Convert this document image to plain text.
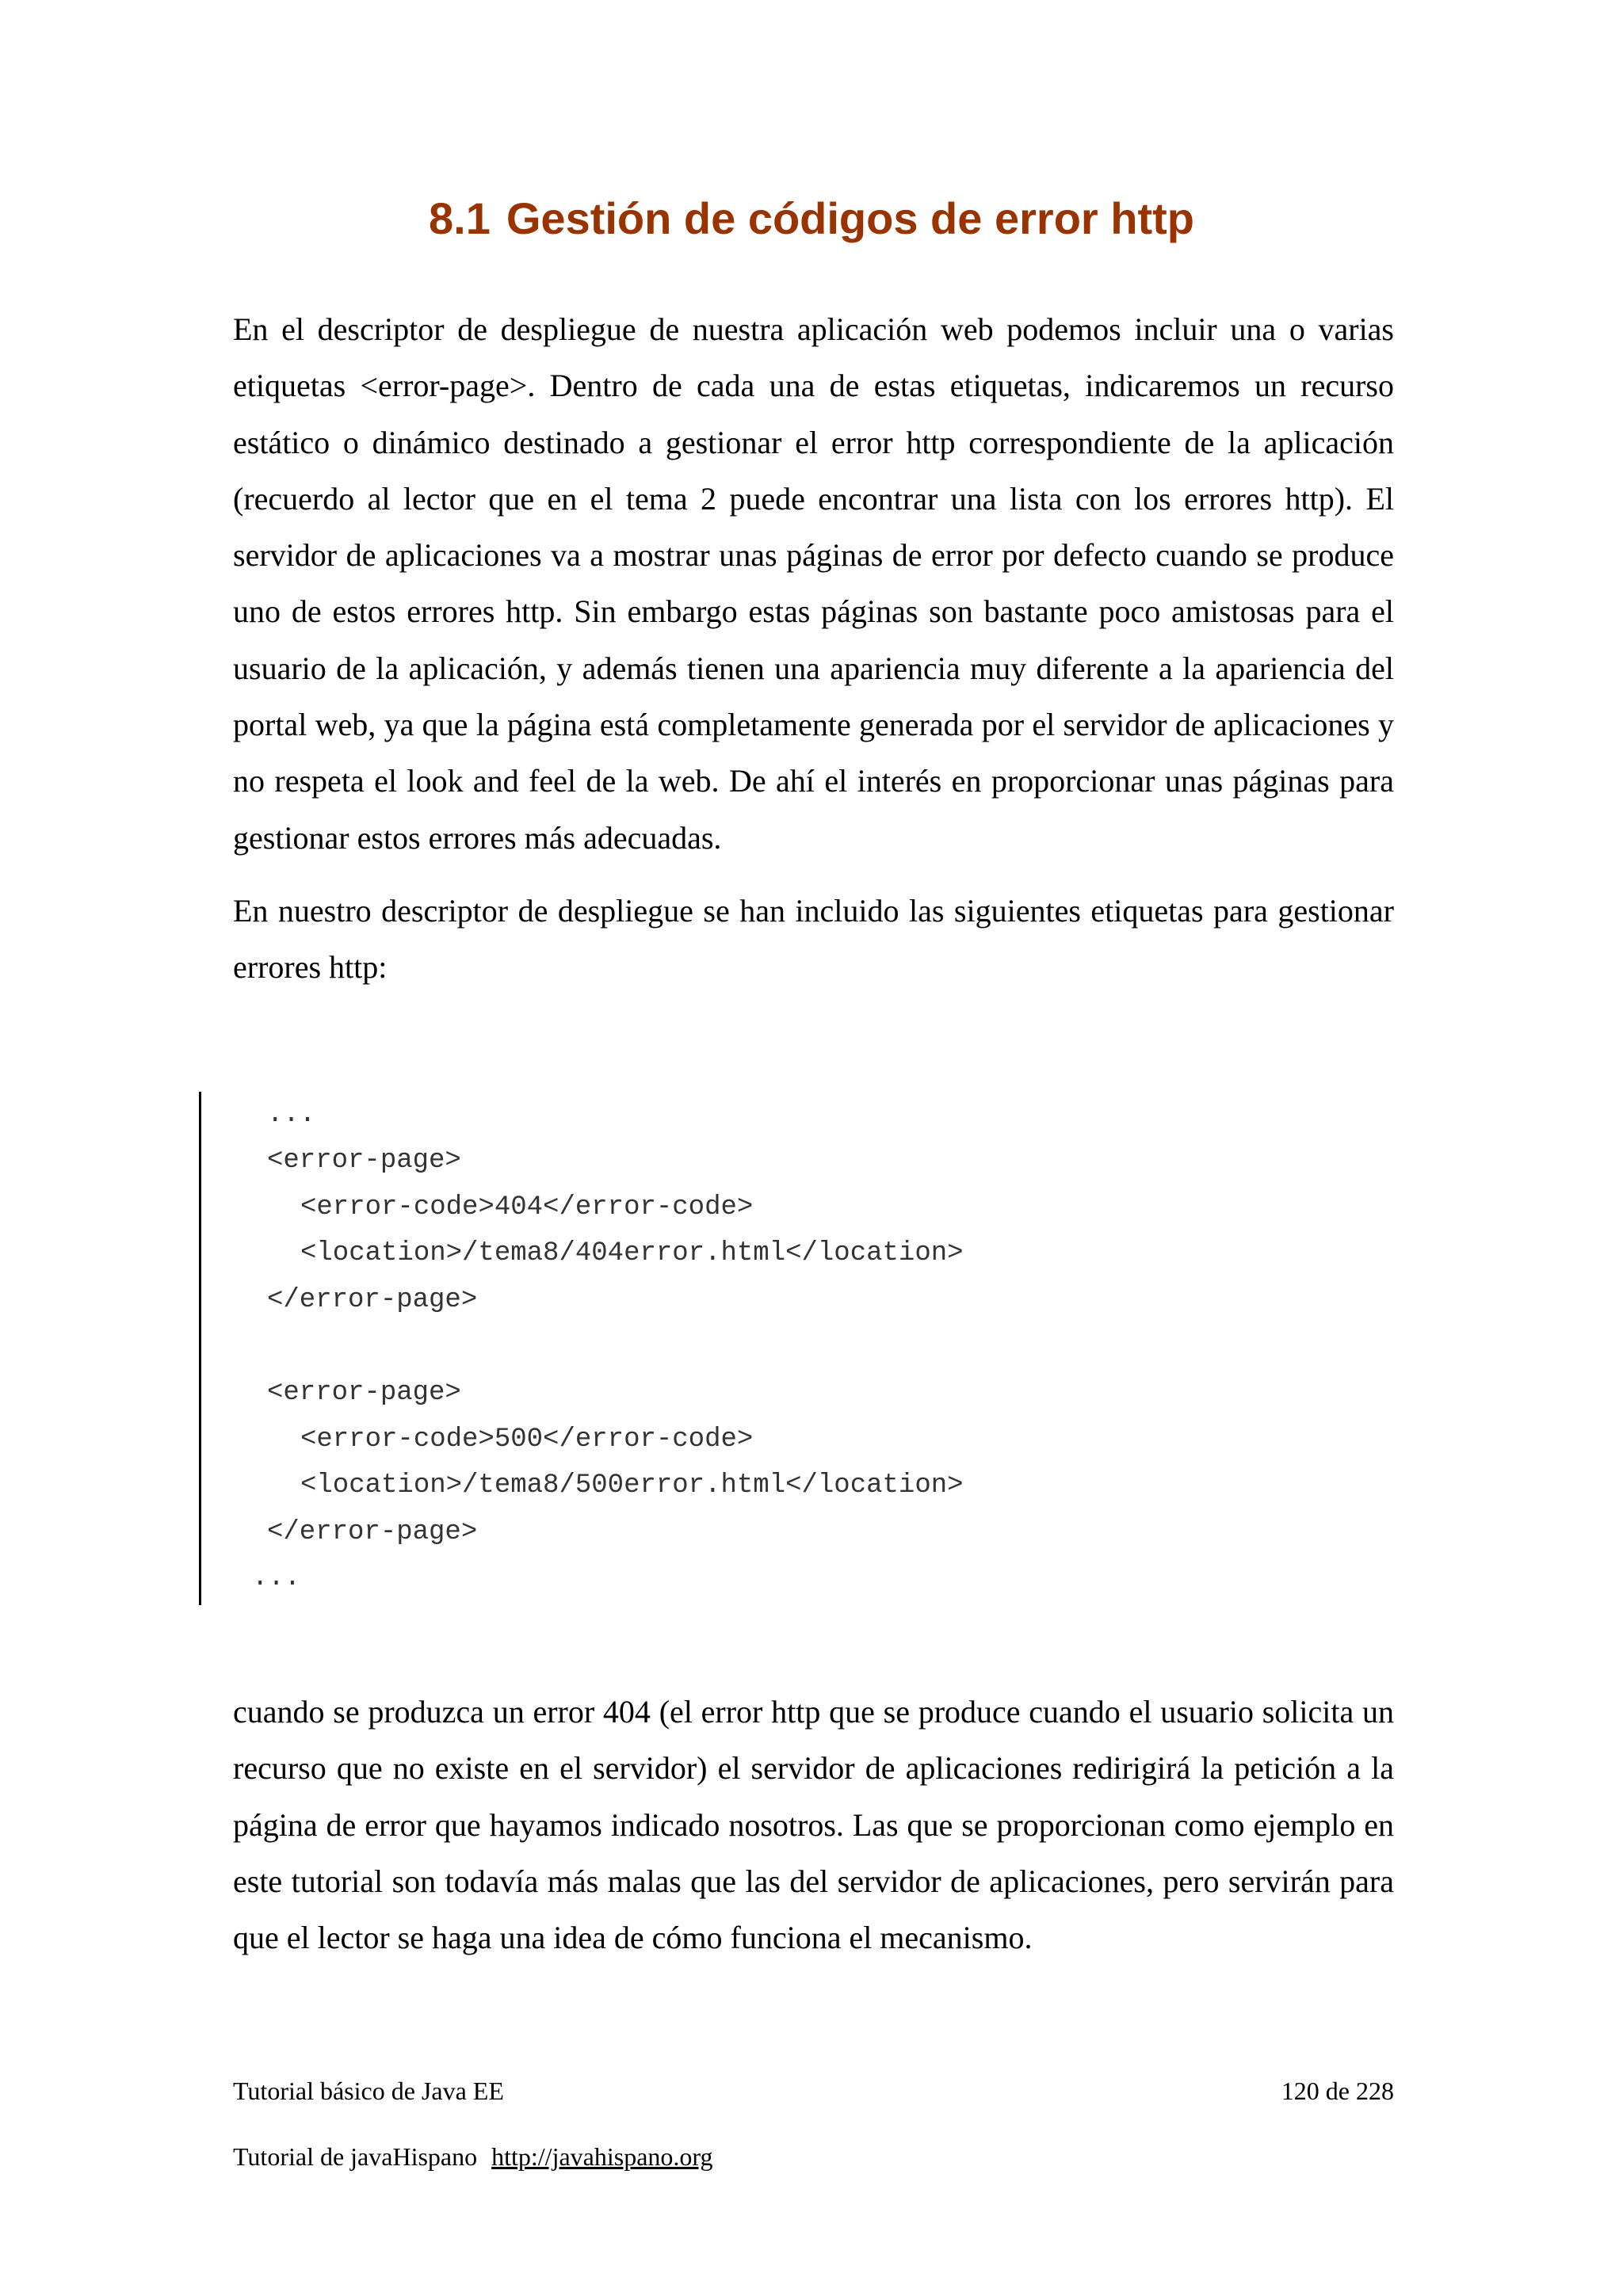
8.1 Gestión de códigos de error http

En el descriptor de despliegue de nuestra aplicación web podemos incluir una o varias etiquetas <error-page>. Dentro de cada una de estas etiquetas, indicaremos un recurso estático o dinámico destinado a gestionar el error http correspondiente de la aplicación (recuerdo al lector que en el tema 2 puede encontrar una lista con los errores http). El servidor de aplicaciones va a mostrar unas páginas de error por defecto cuando se produce uno de estos errores http. Sin embargo estas páginas son bastante poco amistosas para el usuario de la aplicación, y además tienen una apariencia muy diferente a la apariencia del portal web, ya que la página está completamente generada por el servidor de aplicaciones y no respeta el look and feel de la web. De ahí el interés en proporcionar unas páginas para gestionar estos errores más adecuadas.

En nuestro descriptor de despliegue se han incluido las siguientes etiquetas para gestionar errores http:

...
<error-page>
<error-code>404</error-code>
<location>/tema8/404error.html</location>
</error-page>
<error-page>
<error-code>500</error-code>
<location>/tema8/500error.html</location>
</error-page>
...

cuando se produzca un error 404 (el error http que se produce cuando el usuario solicita un recurso que no existe en el servidor) el servidor de aplicaciones redirigirá la petición a la página de error que hayamos indicado nosotros. Las que se proporcionan como ejemplo en este tutorial son todavía más malas que las del servidor de aplicaciones, pero servirán para que el lector se haga una idea de cómo funciona el mecanismo.

Tutorial básico de Java EE	120 de 228
Tutorial de javaHispano http://javahispano.org
